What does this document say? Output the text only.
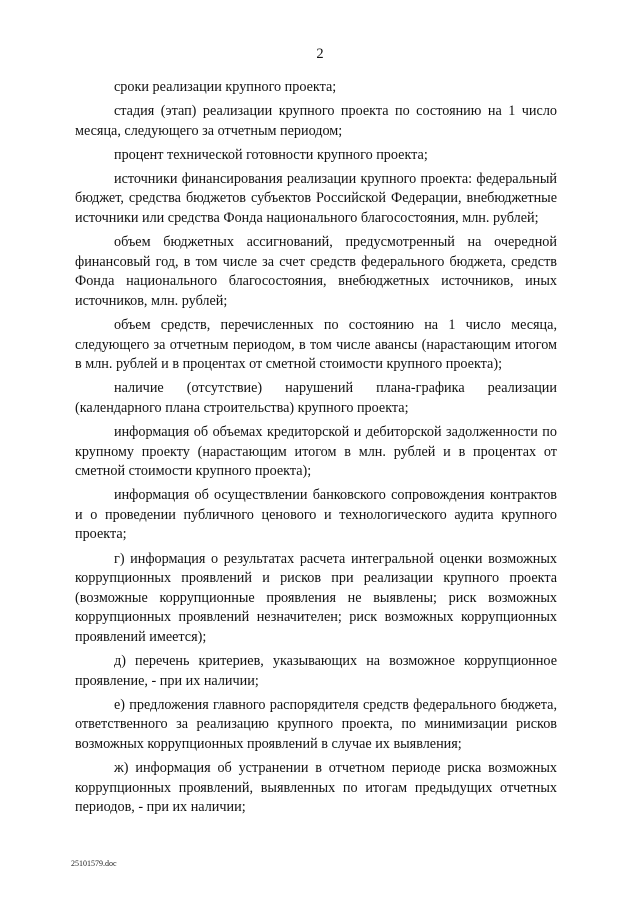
2

сроки реализации крупного проекта;

стадия (этап) реализации крупного проекта по состоянию на 1 число месяца, следующего за отчетным периодом;

процент технической готовности крупного проекта;

источники финансирования реализации крупного проекта: федеральный бюджет, средства бюджетов субъектов Российской Федерации, внебюджетные источники или средства Фонда национального благосостояния, млн. рублей;

объем бюджетных ассигнований, предусмотренный на очередной финансовый год, в том числе за счет средств федерального бюджета, средств Фонда национального благосостояния, внебюджетных источников, иных источников, млн. рублей;

объем средств, перечисленных по состоянию на 1 число месяца, следующего за отчетным периодом, в том числе авансы (нарастающим итогом в млн. рублей и в процентах от сметной стоимости крупного проекта);

наличие (отсутствие) нарушений плана-графика реализации (календарного плана строительства) крупного проекта;

информация об объемах кредиторской и дебиторской задолженности по крупному проекту (нарастающим итогом в млн. рублей и в процентах от сметной стоимости крупного проекта);

информация об осуществлении банковского сопровождения контрактов и о проведении публичного ценового и технологического аудита крупного проекта;

г) информация о результатах расчета интегральной оценки возможных коррупционных проявлений и рисков при реализации крупного проекта (возможные коррупционные проявления не выявлены; риск возможных коррупционных проявлений незначителен; риск возможных коррупционных проявлений имеется);

д) перечень критериев, указывающих на возможное коррупционное проявление, - при их наличии;

е) предложения главного распорядителя средств федерального бюджета, ответственного за реализацию крупного проекта, по минимизации рисков возможных коррупционных проявлений в случае их выявления;

ж) информация об устранении в отчетном периоде риска возможных коррупционных проявлений, выявленных по итогам предыдущих отчетных периодов, - при их наличии;

25101579.doc
